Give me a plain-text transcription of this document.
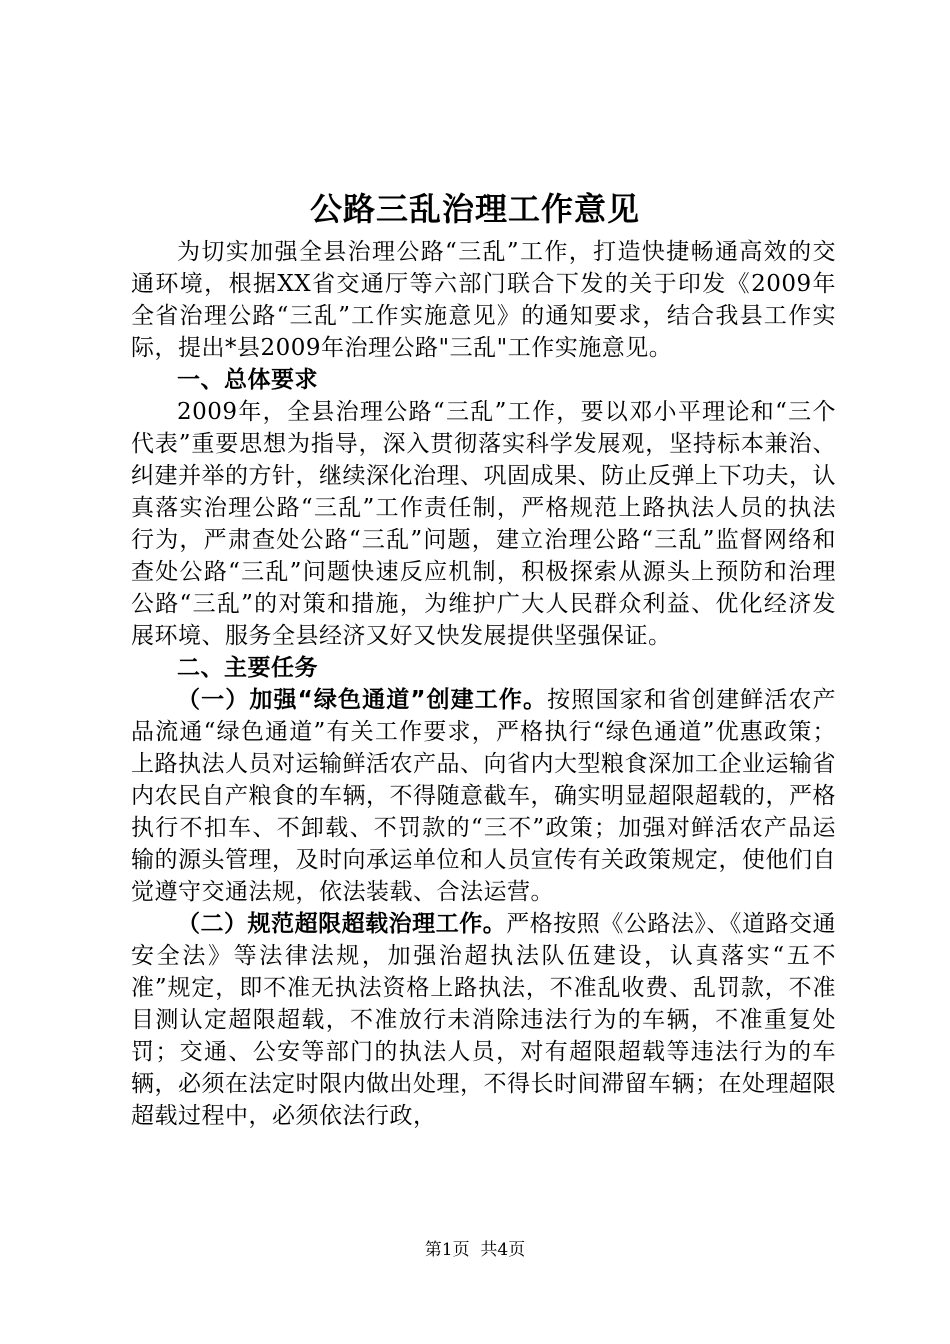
公路三乱治理工作意见

为切实加强全县治理公路“三乱”工作，打造快捷畅通高效的交通环境，根据XX省交通厅等六部门联合下发的关于印发《2009年全省治理公路“三乱”工作实施意见》的通知要求，结合我县工作实际，提出*县2009年治理公路"三乱"工作实施意见。

一、总体要求

2009年，全县治理公路“三乱”工作，要以邓小平理论和“三个代表”重要思想为指导，深入贯彻落实科学发展观，坚持标本兼治、纠建并举的方针，继续深化治理、巩固成果、防止反弹上下功夫，认真落实治理公路“三乱”工作责任制，严格规范上路执法人员的执法行为，严肃查处公路“三乱”问题，建立治理公路“三乱”监督网络和查处公路“三乱”问题快速反应机制，积极探索从源头上预防和治理公路“三乱”的对策和措施，为维护广大人民群众利益、优化经济发展环境、服务全县经济又好又快发展提供坚强保证。

二、主要任务

（一）加强“绿色通道”创建工作。按照国家和省创建鲜活农产品流通“绿色通道”有关工作要求，严格执行“绿色通道”优惠政策；上路执法人员对运输鲜活农产品、向省内大型粮食深加工企业运输省内农民自产粮食的车辆，不得随意截车，确实明显超限超载的，严格执行不扣车、不卸载、不罚款的“三不”政策；加强对鲜活农产品运输的源头管理，及时向承运单位和人员宣传有关政策规定，使他们自觉遵守交通法规，依法装载、合法运营。

（二）规范超限超载治理工作。严格按照《公路法》、《道路交通安全法》等法律法规，加强治超执法队伍建设，认真落实“五不准”规定，即不准无执法资格上路执法，不准乱收费、乱罚款，不准目测认定超限超载，不准放行未消除违法行为的车辆，不准重复处罚；交通、公安等部门的执法人员，对有超限超载等违法行为的车辆，必须在法定时限内做出处理，不得长时间滞留车辆；在处理超限超载过程中，必须依法行政，

第1页 共4页
